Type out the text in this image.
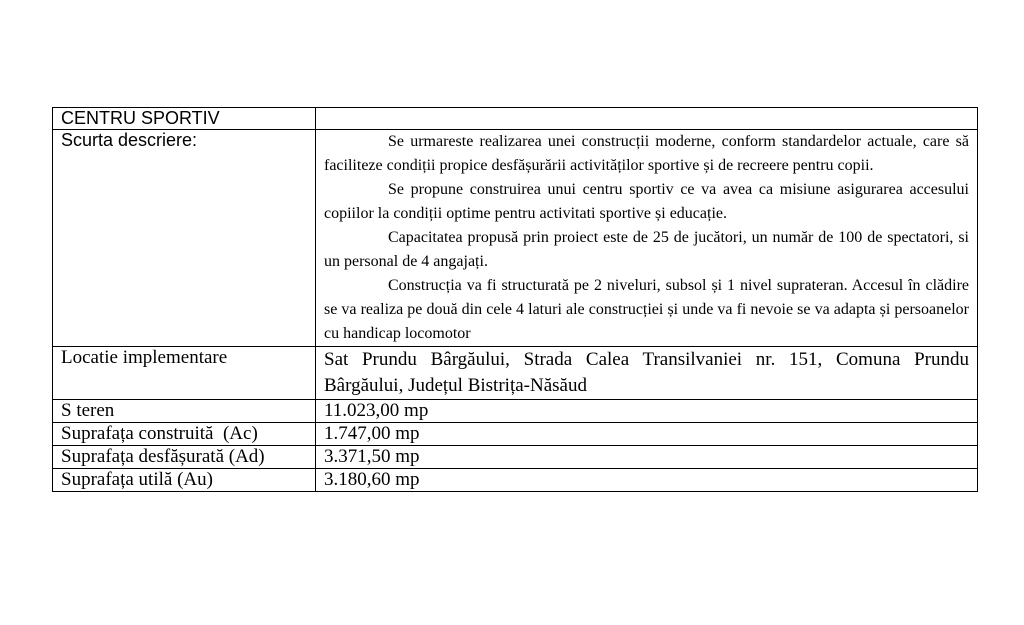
CENTRU SPORTIV	
Scurta descriere:	Se urmareste realizarea unei construcții moderne, conform standardelor actuale, care să faciliteze condiții propice desfășurării activităților sportive și de recreere pentru copii.

Se propune construirea unui centru sportiv ce va avea ca misiune asigurarea accesului copiilor la condiții optime pentru activitati sportive și educație.

Capacitatea propusă prin proiect este de 25 de jucători, un număr de 100 de spectatori, si un personal de 4 angajați.

Construcția va fi structurată pe 2 niveluri, subsol și 1 nivel suprateran. Accesul în clădire se va realiza pe două din cele 4 laturi ale construcției și unde va fi nevoie se va adapta și persoanelor cu handicap locomotor

Locatie implementare	Sat Prundu Bârgăului, Strada Calea Transilvaniei nr. 151, Comuna Prundu Bârgăului, Județul Bistrița-Năsăud
S teren	11.023,00 mp
Suprafața construită  (Ac)	1.747,00 mp
Suprafața desfășurată (Ad)	3.371,50 mp
Suprafața utilă (Au)	3.180,60 mp
